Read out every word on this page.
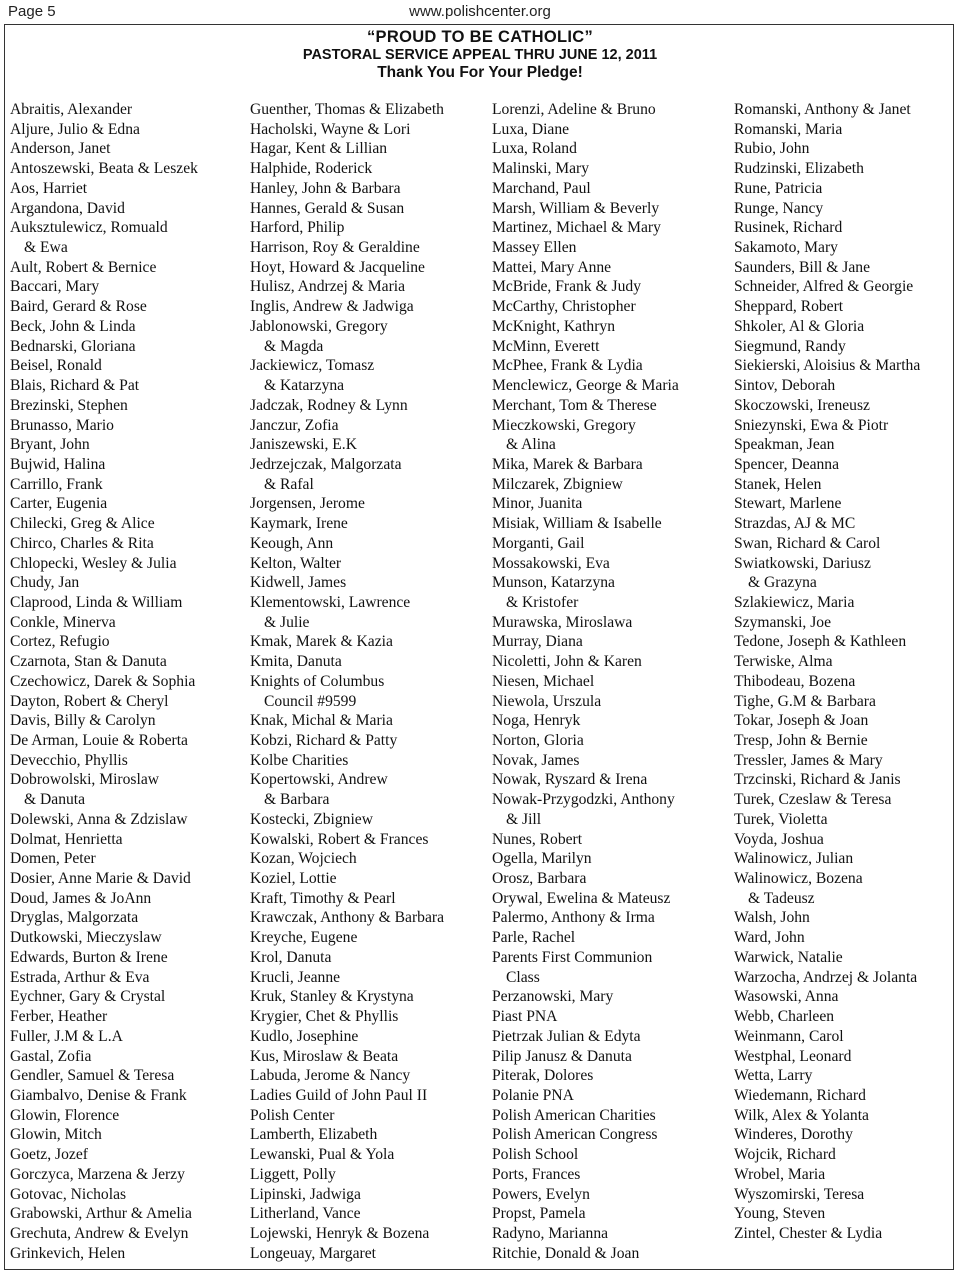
Page 5	www.polishcenter.org
“PROUD TO BE CATHOLIC”
PASTORAL SERVICE APPEAL THRU JUNE 12, 2011
Thank You For Your Pledge!
Abraitis, Alexander
Aljure, Julio & Edna
Anderson, Janet
Antoszewski, Beata & Leszek
Aos, Harriet
Argandona, David
Auksztulewicz, Romuald
& Ewa
Ault, Robert & Bernice
Baccari, Mary
Baird, Gerard & Rose
Beck, John & Linda
Bednarski, Gloriana
Beisel, Ronald
Blais, Richard & Pat
Brezinski, Stephen
Brunasso, Mario
Bryant, John
Bujwid, Halina
Carrillo, Frank
Carter, Eugenia
Chilecki, Greg & Alice
Chirco, Charles & Rita
Chlopecki, Wesley & Julia
Chudy, Jan
Claprood, Linda & William
Conkle, Minerva
Cortez, Refugio
Czarnota, Stan & Danuta
Czechowicz, Darek & Sophia
Dayton, Robert & Cheryl
Davis, Billy & Carolyn
De Arman, Louie & Roberta
Devecchio, Phyllis
Dobrowolski, Miroslaw
& Danuta
Dolewski, Anna & Zdzislaw
Dolmat, Henrietta
Domen, Peter
Dosier, Anne Marie & David
Doud, James & JoAnn
Dryglas, Malgorzata
Dutkowski, Mieczyslaw
Edwards, Burton & Irene
Estrada, Arthur & Eva
Eychner, Gary & Crystal
Ferber, Heather
Fuller, J.M & L.A
Gastal, Zofia
Gendler, Samuel & Teresa
Giambalvo, Denise & Frank
Glowin, Florence
Glowin, Mitch
Goetz, Jozef
Gorczyca, Marzena & Jerzy
Gotovac, Nicholas
Grabowski, Arthur & Amelia
Grechuta, Andrew & Evelyn
Grinkevich, Helen
Guenther, Thomas & Elizabeth
Hacholski, Wayne & Lori
Hagar, Kent & Lillian
Halphide, Roderick
Hanley, John & Barbara
Hannes, Gerald & Susan
Harford, Philip
Harrison, Roy & Geraldine
Hoyt, Howard & Jacqueline
Hulisz, Andrzej & Maria
Inglis, Andrew & Jadwiga
Jablonowski, Gregory
& Magda
Jackiewicz, Tomasz
& Katarzyna
Jadczak, Rodney & Lynn
Janczur, Zofia
Janiszewski, E.K
Jedrzejczak, Malgorzata
& Rafal
Jorgensen, Jerome
Kaymark, Irene
Keough, Ann
Kelton, Walter
Kidwell, James
Klementowski, Lawrence
& Julie
Kmak, Marek & Kazia
Kmita, Danuta
Knights of Columbus
Council #9599
Knak, Michal & Maria
Kobzi, Richard & Patty
Kolbe Charities
Kopertowski, Andrew
& Barbara
Kostecki, Zbigniew
Kowalski, Robert & Frances
Kozan, Wojciech
Koziel, Lottie
Kraft, Timothy & Pearl
Krawczak, Anthony & Barbara
Kreyche, Eugene
Krol, Danuta
Krucli, Jeanne
Kruk, Stanley & Krystyna
Krygier, Chet & Phyllis
Kudlo, Josephine
Kus, Miroslaw & Beata
Labuda, Jerome & Nancy
Ladies Guild of John Paul II
Polish Center
Lamberth, Elizabeth
Lewanski, Pual & Yola
Liggett, Polly
Lipinski, Jadwiga
Litherland, Vance
Lojewski, Henryk & Bozena
Longeuay, Margaret
Lorenzi, Adeline & Bruno
Luxa, Diane
Luxa, Roland
Malinski, Mary
Marchand, Paul
Marsh, William & Beverly
Martinez, Michael & Mary
Massey Ellen
Mattei, Mary Anne
McBride, Frank & Judy
McCarthy, Christopher
McKnight, Kathryn
McMinn, Everett
McPhee, Frank & Lydia
Menclewicz, George & Maria
Merchant, Tom & Therese
Mieczkowski, Gregory
& Alina
Mika, Marek & Barbara
Milczarek, Zbigniew
Minor, Juanita
Misiak, William & Isabelle
Morganti, Gail
Mossakowski, Eva
Munson, Katarzyna
& Kristofer
Murawska, Miroslawa
Murray, Diana
Nicoletti, John & Karen
Niesen, Michael
Niewola, Urszula
Noga, Henryk
Norton, Gloria
Novak, James
Nowak, Ryszard & Irena
Nowak-Przygodzki, Anthony
& Jill
Nunes, Robert
Ogella, Marilyn
Orosz, Barbara
Orywal, Ewelina & Mateusz
Palermo, Anthony & Irma
Parle, Rachel
Parents First Communion
Class
Perzanowski, Mary
Piast PNA
Pietrzak Julian & Edyta
Pilip Janusz & Danuta
Piterak, Dolores
Polanie PNA
Polish American Charities
Polish American Congress
Polish School
Ports, Frances
Powers, Evelyn
Propst, Pamela
Radyno, Marianna
Ritchie, Donald & Joan
Romanski, Anthony & Janet
Romanski, Maria
Rubio, John
Rudzinski, Elizabeth
Rune, Patricia
Runge, Nancy
Rusinek, Richard
Sakamoto, Mary
Saunders, Bill & Jane
Schneider, Alfred & Georgie
Sheppard, Robert
Shkoler, Al & Gloria
Siegmund, Randy
Siekierski, Aloisius & Martha
Sintov, Deborah
Skoczowski, Ireneusz
Sniezynski, Ewa & Piotr
Speakman, Jean
Spencer, Deanna
Stanek, Helen
Stewart, Marlene
Strazdas, AJ & MC
Swan, Richard & Carol
Swiatkowski, Dariusz
& Grazyna
Szlakiewicz, Maria
Szymanski, Joe
Tedone, Joseph & Kathleen
Terwiske, Alma
Thibodeau, Bozena
Tighe, G.M & Barbara
Tokar, Joseph & Joan
Tresp, John & Bernie
Tressler, James & Mary
Trzcinski, Richard & Janis
Turek, Czeslaw & Teresa
Turek, Violetta
Voyda, Joshua
Walinowicz, Julian
Walinowicz, Bozena
& Tadeusz
Walsh, John
Ward, John
Warwick, Natalie
Warzocha, Andrzej & Jolanta
Wasowski, Anna
Webb, Charleen
Weinmann, Carol
Westphal, Leonard
Wetta, Larry
Wiedemann, Richard
Wilk, Alex & Yolanta
Winderes, Dorothy
Wojcik, Richard
Wrobel, Maria
Wyszomirski, Teresa
Young, Steven
Zintel, Chester & Lydia
